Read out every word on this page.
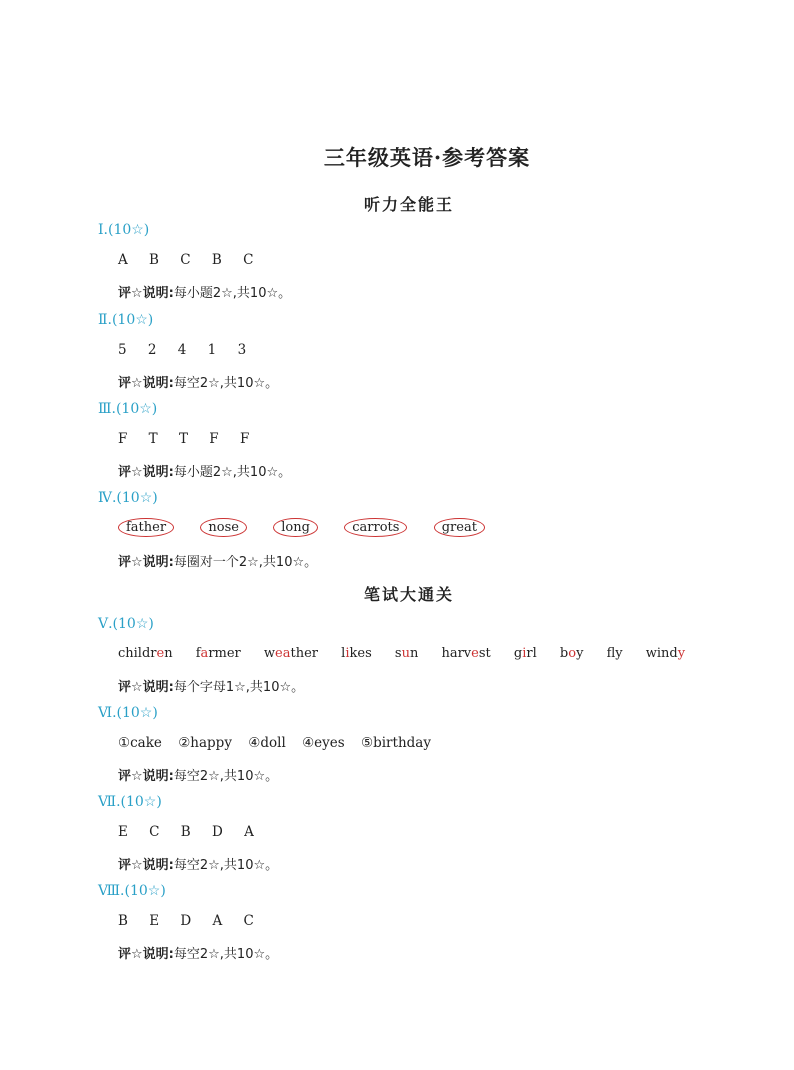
三年级英语·参考答案
听力全能王
Ⅰ.(10☆)
A B C B C
评☆说明:每小题2☆,共10☆。
Ⅱ.(10☆)
5 2 4 1 3
评☆说明:每空2☆,共10☆。
Ⅲ.(10☆)
F T T F F
评☆说明:每小题2☆,共10☆。
Ⅳ.(10☆)
father	nose	long	carrots	great
评☆说明:每圈对一个2☆,共10☆。
笔试大通关
Ⅴ.(10☆)
children farmer weather likes sun harvest girl boy fy windy
评☆说明:每个字母1☆,共10☆。
Ⅵ.(10☆)
①cake ②happy ④doll ④eyes ⑤birthday
评☆说明:每空2☆,共10☆。
Ⅶ.(10☆)
E C B D A
评☆说明:每空2☆,共10☆。
Ⅷ.(10☆)
B E D A C
评☆说明:每空2☆,共10☆。
